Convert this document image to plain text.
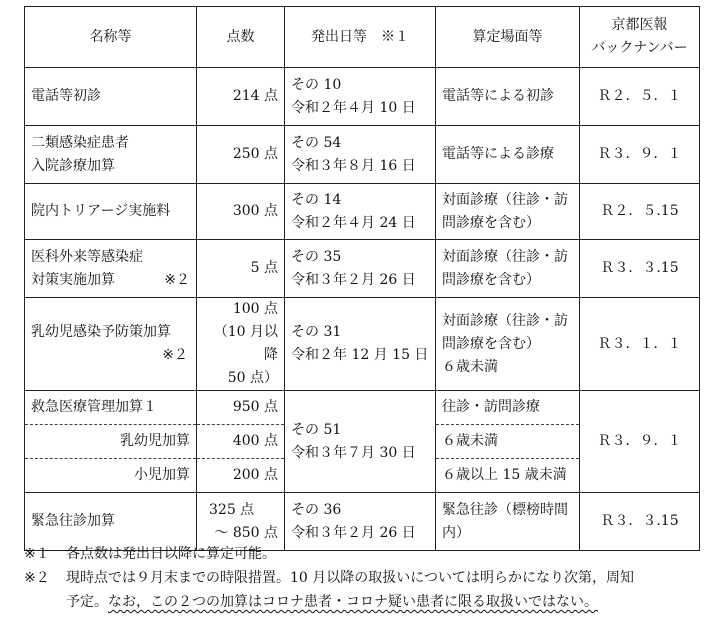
名称等	点数	発出日等　※１	算定場面等	京都医報
バックナンバー

電話等初診	214 点	その 10
令和２年４月 10 日	電話等による初診	Ｒ２．５．１

二類感染症患者
入院診療加算	250 点	その 54
令和３年８月 16 日	電話等による診療	Ｒ３．９．１
院内トリアージ実施料	300 点	その 14
令和２年４月 24 日	対面診療（往診・訪
問診療を含む）	Ｒ２．５.15

医科外来等感染症
対策実施加算 ※２	5 点	その 35
令和３年２月 26 日	対面診療（往診・訪
問診療を含む）	Ｒ３．３.15

乳幼児感染予防策加算
※２	100 点
（10 月以降
50 点）	その 31
令和２年 12 月 15 日	対面診療（往診・訪
問診療を含む）
６歳未満	Ｒ３．１．１
救急医療管理加算１	950 点	その 51
令和３年７月 30 日	往診・訪問診療	Ｒ３．９．１
乳幼児加算	400 点		６歳未満	
小児加算	200 点		６歳以上 15 歳未満	
緊急往診加算	325 点
～ 850 点	その 36
令和３年２月 26 日	緊急往診（標榜時間
内）	Ｒ３．３.15
※１	各点数は発出日以降に算定可能。
※２	現時点では９月末までの時限措置。10 月以降の取扱いについては明らかになり次第，周知
予定。なお，この２つの加算はコロナ患者・コロナ疑い患者に限る取扱いではない。
